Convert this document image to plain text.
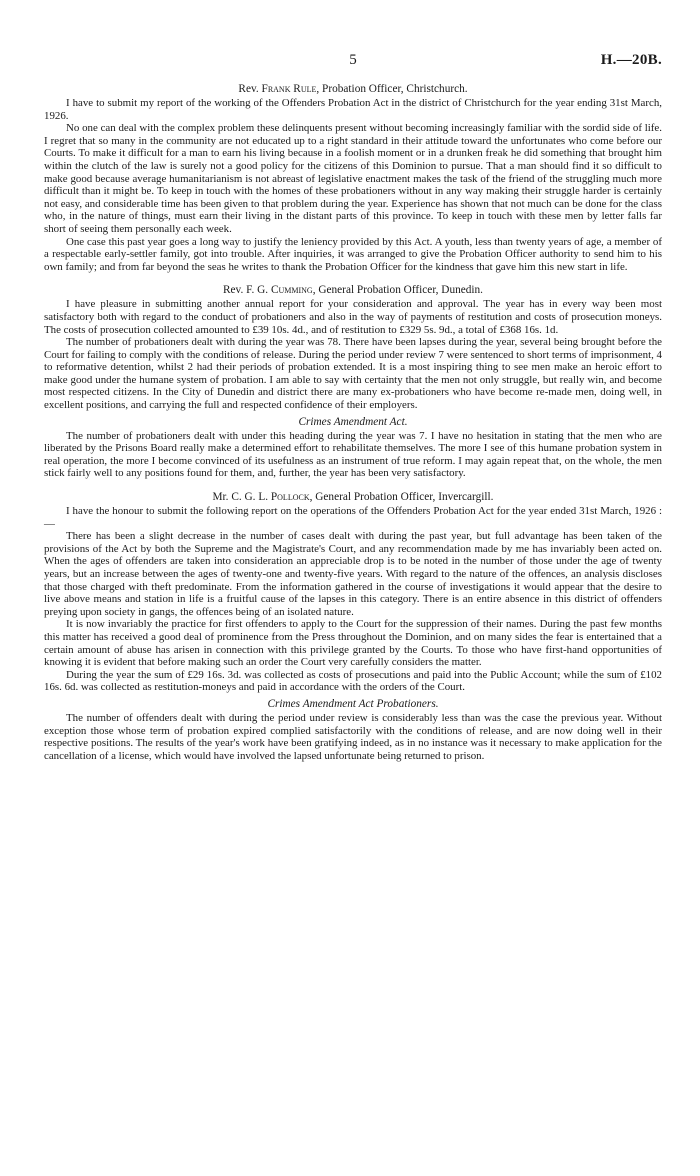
5	H.—20B.
Rev. Frank Rule, Probation Officer, Christchurch.

I have to submit my report of the working of the Offenders Probation Act in the district of Christchurch for the year ending 31st March, 1926.

No one can deal with the complex problem these delinquents present without becoming increasingly familiar with the sordid side of life. I regret that so many in the community are not educated up to a right standard in their attitude toward the unfortunates who come before our Courts. To make it difficult for a man to earn his living because in a foolish moment or in a drunken freak he did something that brought him within the clutch of the law is surely not a good policy for the citizens of this Dominion to pursue. That a man should find it so difficult to make good because average humanitarianism is not abreast of legislative enactment makes the task of the friend of the struggling much more difficult than it might be. To keep in touch with the homes of these probationers without in any way making their struggle harder is certainly not easy, and considerable time has been given to that problem during the year. Experience has shown that not much can be done for the class who, in the nature of things, must earn their living in the distant parts of this province. To keep in touch with these men by letter falls far short of seeing them personally each week.

One case this past year goes a long way to justify the leniency provided by this Act. A youth, less than twenty years of age, a member of a respectable early-settler family, got into trouble. After inquiries, it was arranged to give the Probation Officer authority to send him to his own family; and from far beyond the seas he writes to thank the Probation Officer for the kindness that gave him this new start in life.

Rev. F. G. Cumming, General Probation Officer, Dunedin.

I have pleasure in submitting another annual report for your consideration and approval. The year has in every way been most satisfactory both with regard to the conduct of probationers and also in the way of payments of restitution and costs of prosecution moneys. The costs of prosecution collected amounted to £39 10s. 4d., and of restitution to £329 5s. 9d., a total of £368 16s. 1d.

The number of probationers dealt with during the year was 78. There have been lapses during the year, several being brought before the Court for failing to comply with the conditions of release. During the period under review 7 were sentenced to short terms of imprisonment, 4 to reformative detention, whilst 2 had their periods of probation extended. It is a most inspiring thing to see men make an heroic effort to make good under the humane system of probation. I am able to say with certainty that the men not only struggle, but really win, and become most respected citizens. In the City of Dunedin and district there are many ex-probationers who have become re-made men, doing well, in excellent positions, and carrying the full and respected confidence of their employers.

Crimes Amendment Act.

The number of probationers dealt with under this heading during the year was 7. I have no hesitation in stating that the men who are liberated by the Prisons Board really make a determined effort to rehabilitate themselves. The more I see of this humane probation system in real operation, the more I become convinced of its usefulness as an instrument of true reform. I may again repeat that, on the whole, the men stick fairly well to any positions found for them, and, further, the year has been very satisfactory.

Mr. C. G. L. Pollock, General Probation Officer, Invercargill.

I have the honour to submit the following report on the operations of the Offenders Probation Act for the year ended 31st March, 1926 :—

There has been a slight decrease in the number of cases dealt with during the past year, but full advantage has been taken of the provisions of the Act by both the Supreme and the Magistrate's Court, and any recommendation made by me has invariably been acted on. When the ages of offenders are taken into consideration an appreciable drop is to be noted in the number of those under the age of twenty years, but an increase between the ages of twenty-one and twenty-five years. With regard to the nature of the offences, an analysis discloses that those charged with theft predominate. From the information gathered in the course of investigations it would appear that the desire to live above means and station in life is a fruitful cause of the lapses in this category. There is an entire absence in this district of offenders preying upon society in gangs, the offences being of an isolated nature.

It is now invariably the practice for first offenders to apply to the Court for the suppression of their names. During the past few months this matter has received a good deal of prominence from the Press throughout the Dominion, and on many sides the fear is entertained that a certain amount of abuse has arisen in connection with this privilege granted by the Courts. To those who have first-hand opportunities of knowing it is evident that before making such an order the Court very carefully considers the matter.

During the year the sum of £29 16s. 3d. was collected as costs of prosecutions and paid into the Public Account; while the sum of £102 16s. 6d. was collected as restitution-moneys and paid in accordance with the orders of the Court.

Crimes Amendment Act Probationers.

The number of offenders dealt with during the period under review is considerably less than was the case the previous year. Without exception those whose term of probation expired complied satisfactorily with the conditions of release, and are now doing well in their respective positions. The results of the year's work have been gratifying indeed, as in no instance was it necessary to make application for the cancellation of a license, which would have involved the lapsed unfortunate being returned to prison.
